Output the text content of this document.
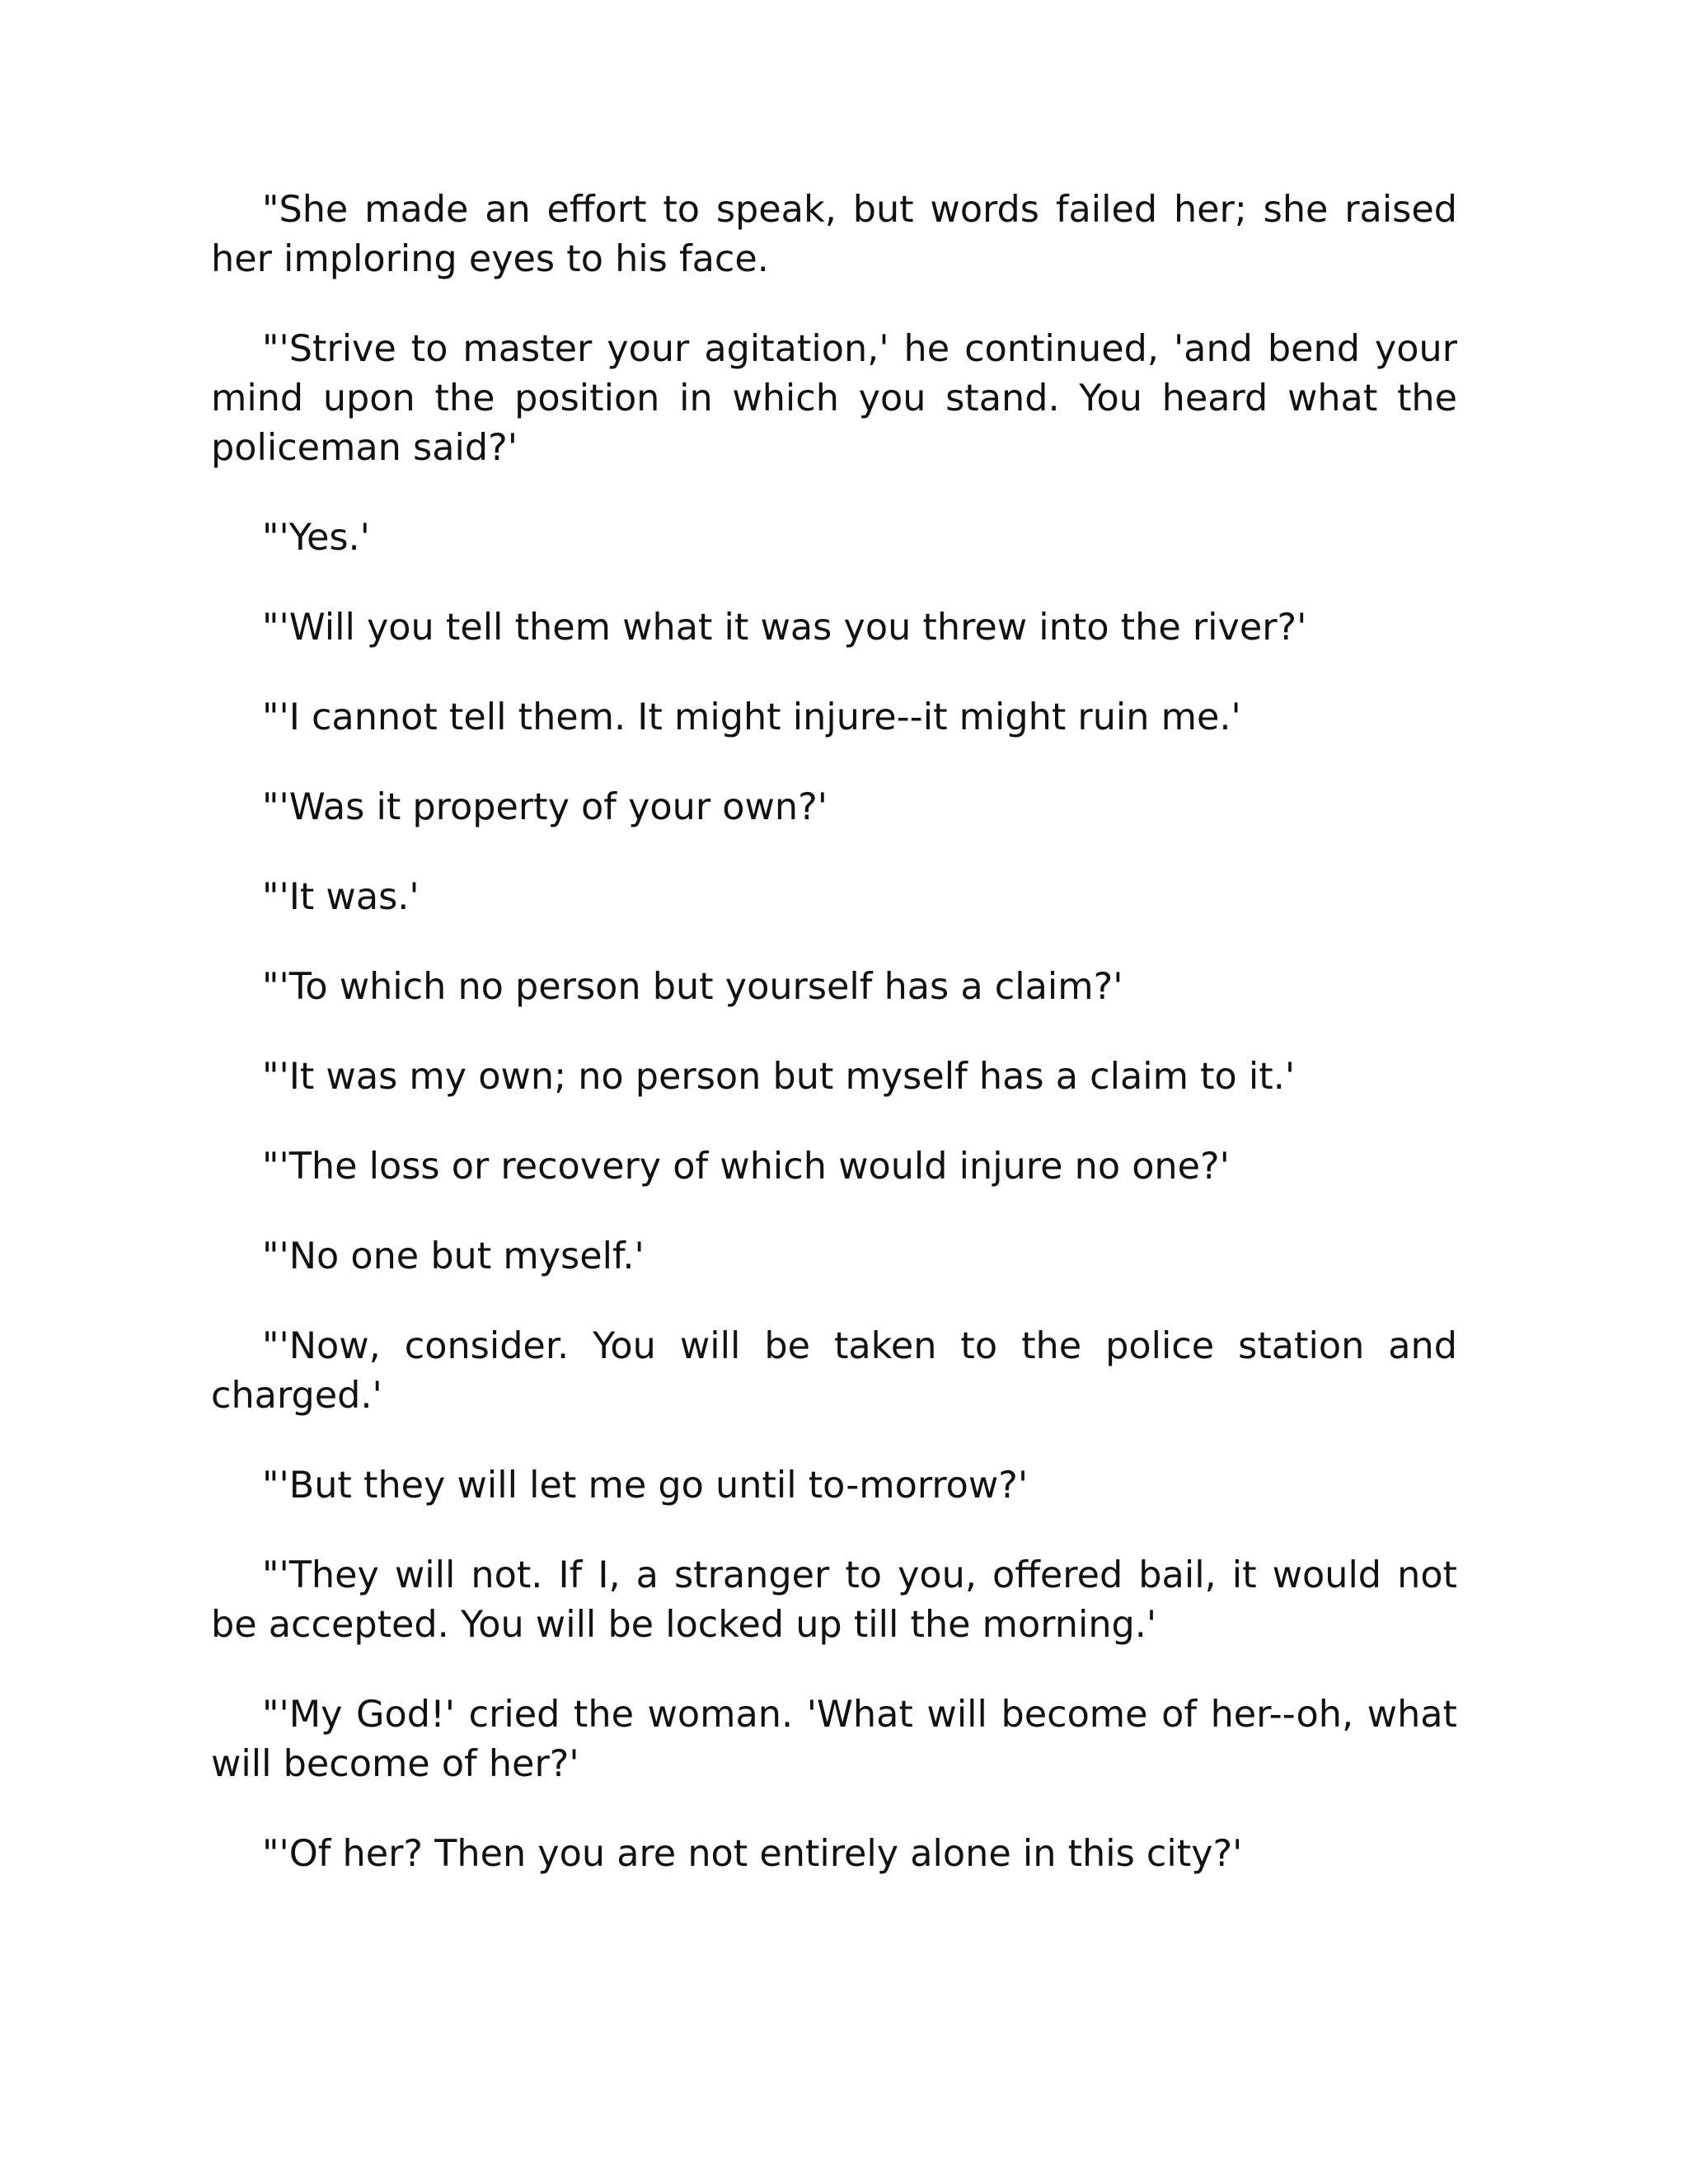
"She made an effort to speak, but words failed her; she raised her imploring eyes to his face.

"'Strive to master your agitation,' he continued, 'and bend your mind upon the position in which you stand. You heard what the policeman said?'

"'Yes.'

"'Will you tell them what it was you threw into the river?'

"'I cannot tell them. It might injure--it might ruin me.'

"'Was it property of your own?'

"'It was.'

"'To which no person but yourself has a claim?'

"'It was my own; no person but myself has a claim to it.'

"'The loss or recovery of which would injure no one?'

"'No one but myself.'

"'Now, consider. You will be taken to the police station and charged.'

"'But they will let me go until to-morrow?'

"'They will not. If I, a stranger to you, offered bail, it would not be accepted. You will be locked up till the morning.'

"'My God!' cried the woman. 'What will become of her--oh, what will become of her?'

"'Of her? Then you are not entirely alone in this city?'
